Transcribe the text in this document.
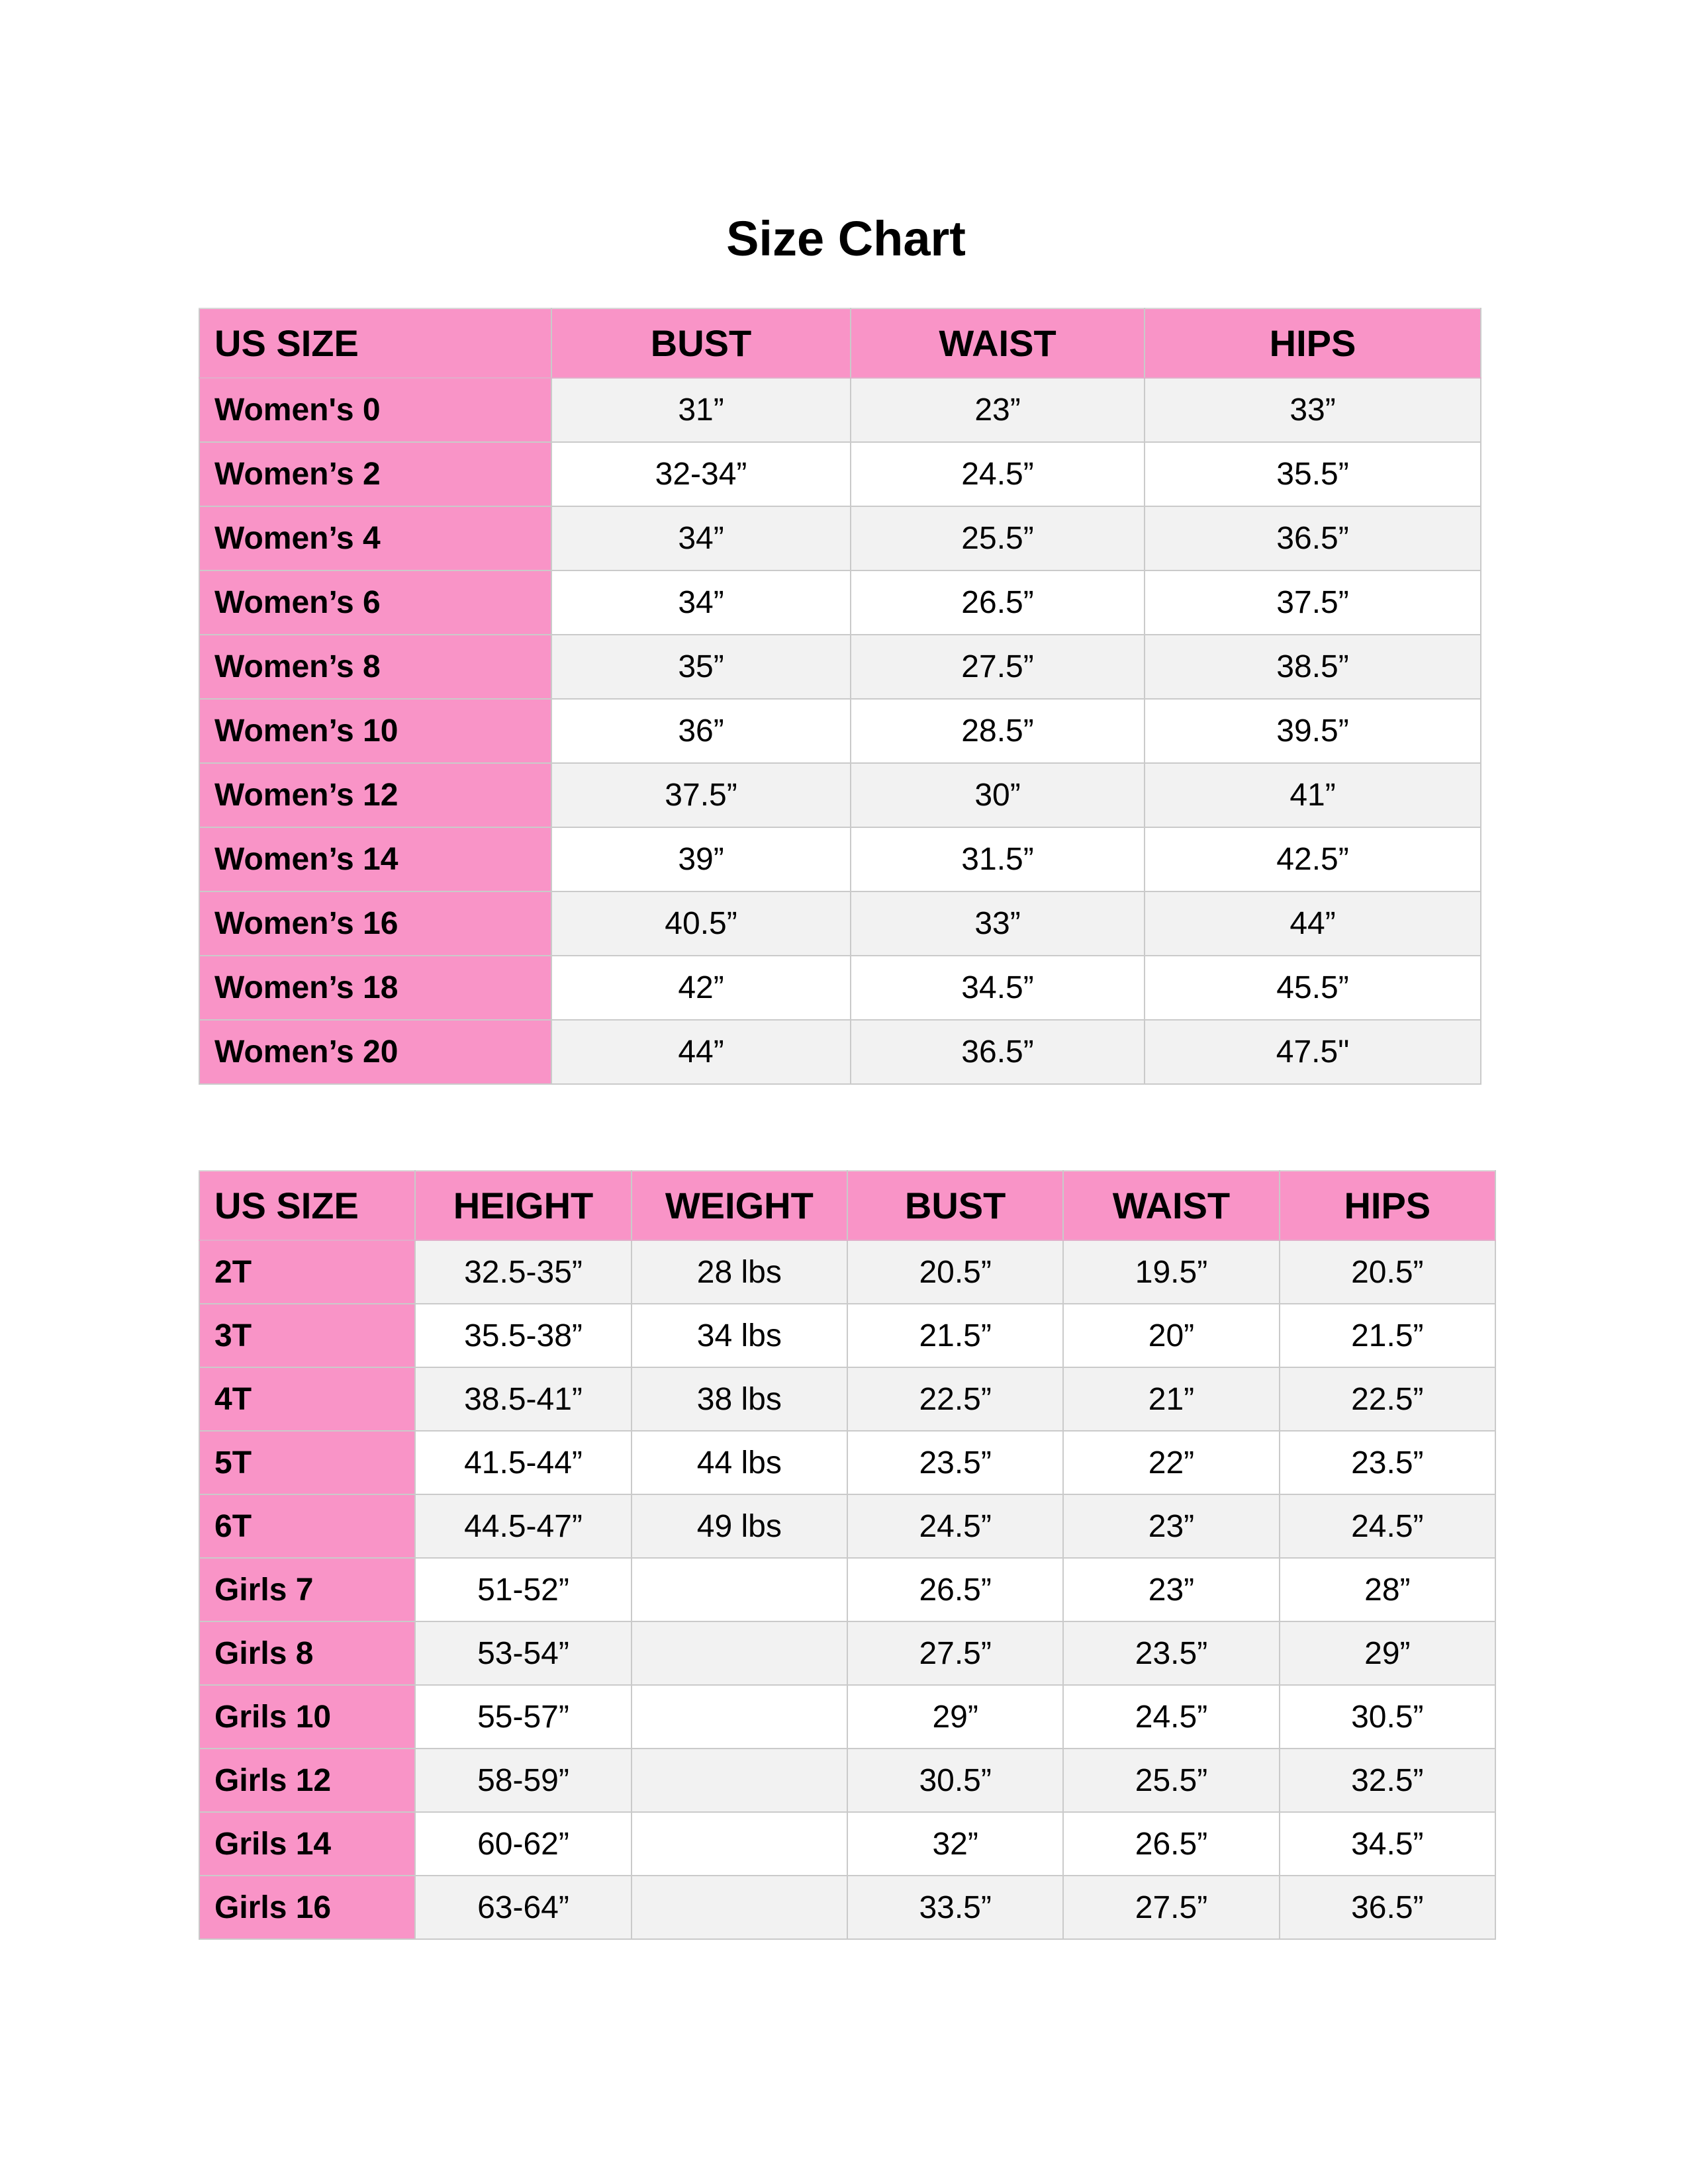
Size Chart
US SIZE	BUST	WAIST	HIPS
Women's 0	31”	23”	33”
Women’s 2	32-34”	24.5”	35.5”
Women’s 4	34”	25.5”	36.5”
Women’s 6	34”	26.5”	37.5”
Women’s 8	35”	27.5”	38.5”
Women’s 10	36”	28.5”	39.5”
Women’s 12	37.5”	30”	41”
Women’s 14	39”	31.5”	42.5”
Women’s 16	40.5”	33”	44”
Women’s 18	42”	34.5”	45.5”
Women’s 20	44”	36.5”	47.5"
US SIZE	HEIGHT	WEIGHT	BUST	WAIST	HIPS
2T	32.5-35”	28 lbs	20.5”	19.5”	20.5”
3T	35.5-38”	34 lbs	21.5”	20”	21.5”
4T	38.5-41”	38 lbs	22.5”	21”	22.5”
5T	41.5-44”	44 lbs	23.5”	22”	23.5”
6T	44.5-47”	49 lbs	24.5”	23”	24.5”
Girls 7	51-52”		26.5”	23”	28”
Girls 8	53-54”		27.5”	23.5”	29”
Grils 10	55-57”		29”	24.5”	30.5”
Girls 12	58-59”		30.5”	25.5”	32.5”
Grils 14	60-62”		32”	26.5”	34.5”
Girls 16	63-64”		33.5”	27.5”	36.5”
